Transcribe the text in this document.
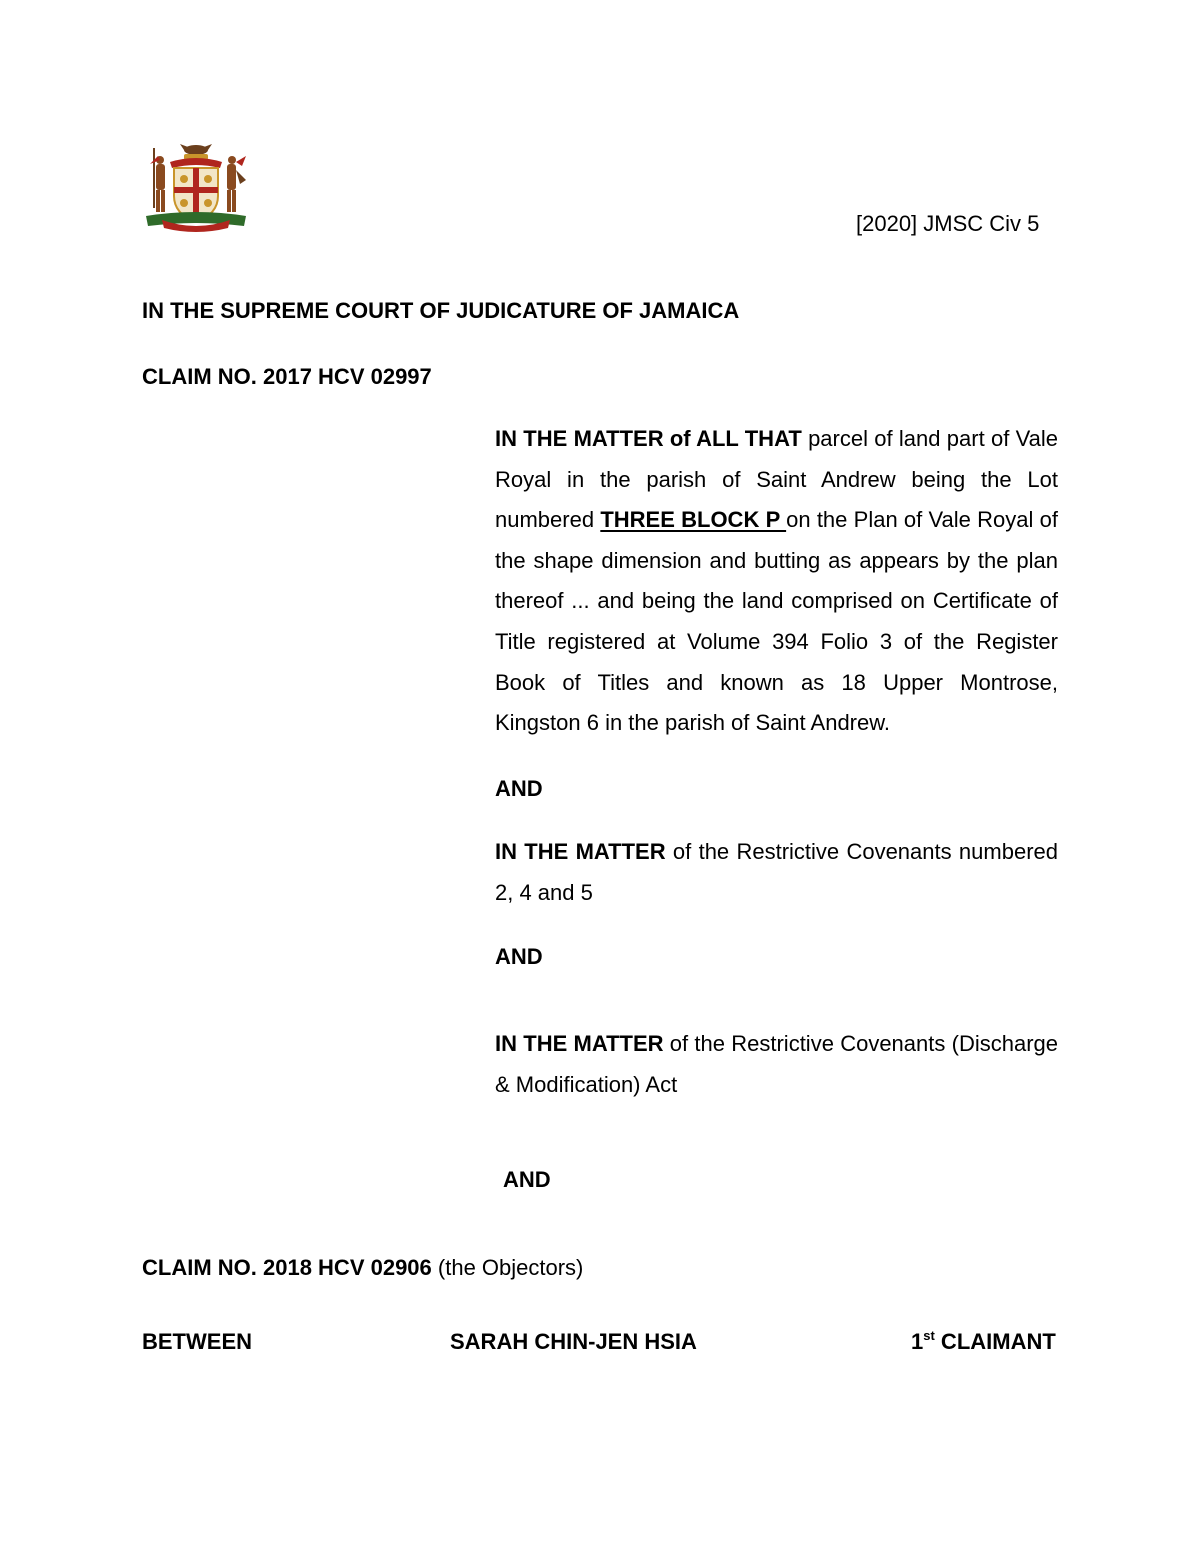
[2020] JMSC Civ 5
IN THE SUPREME COURT OF JUDICATURE OF JAMAICA
CLAIM NO. 2017 HCV 02997
IN THE MATTER of ALL THAT parcel of land part of Vale Royal in the parish of Saint Andrew being the Lot numbered THREE BLOCK P on the Plan of Vale Royal of the shape dimension and butting as appears by the plan thereof ... and being the land comprised on Certificate of Title registered at Volume 394 Folio 3 of the Register Book of Titles and known as 18 Upper Montrose, Kingston 6 in the parish of Saint Andrew.
AND
IN THE MATTER of the Restrictive Covenants numbered 2, 4 and 5
AND
IN THE MATTER of the Restrictive Covenants (Discharge & Modification) Act
AND
CLAIM NO. 2018 HCV 02906 (the Objectors)
BETWEEN	SARAH CHIN-JEN HSIA	1st CLAIMANT
